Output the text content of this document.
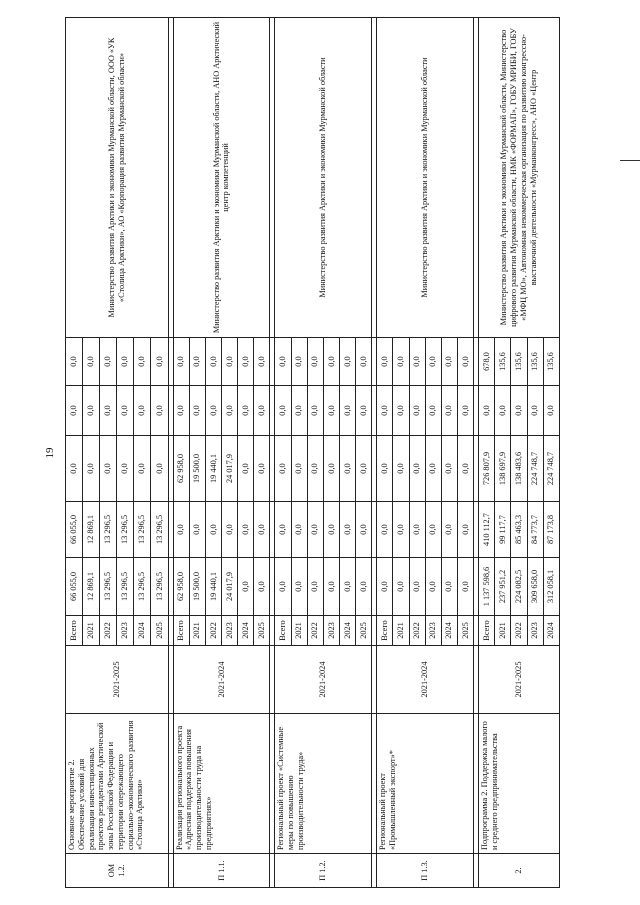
19
ОМ 1.2.	Основное мероприятие 2. Обеспечение условий для реализации инвестиционных проектов резидентами Арктической зоны Российской Федерации и территории опережающего социально-экономического развития «Столица Арктики»	2021-2025	Всего	66 055,0	66 055,0	0,0	0,0	0,0	Министерство развития Арктики и экономики Мурманской области, ООО «УК «Столица Арктики», АО «Корпорация развития Мурманской области»
			2021	12 869,1	12 869,1	0,0	0,0	0,0	
			2022	13 296,5	13 296,5	0,0	0,0	0,0	
			2023	13 296,5	13 296,5	0,0	0,0	0,0	
			2024	13 296,5	13 296,5	0,0	0,0	0,0	
			2025	13 296,5	13 296,5	0,0	0,0	0,0	

П 1.1.	Реализация регионального проекта «Адресная поддержка повышения производительности труда на предприятиях»	2021-2024	Всего	62 958,0	0,0	62 958,0	0,0	0,0	Министерство развития Арктики и экономики Мурманской области, АНО Арктический центр компетенций
			2021	19 500,0	0,0	19 500,0	0,0	0,0	
			2022	19 440,1	0,0	19 440,1	0,0	0,0	
			2023	24 017,9	0,0	24 017,9	0,0	0,0	
			2024	0,0	0,0	0,0	0,0	0,0	
			2025	0,0	0,0	0,0	0,0	0,0	

П 1.2.	Региональный проект «Системные меры по повышению производительности труда»	2021-2024	Всего	0,0	0,0	0,0	0,0	0,0	Министерство развития Арктики и экономики Мурманской области
			2021	0,0	0,0	0,0	0,0	0,0	
			2022	0,0	0,0	0,0	0,0	0,0	
			2023	0,0	0,0	0,0	0,0	0,0	
			2024	0,0	0,0	0,0	0,0	0,0	
			2025	0,0	0,0	0,0	0,0	0,0	

П 1.3.	Региональный проект «Промышленный экспорт»*	2021-2024	Всего	0,0	0,0	0,0	0,0	0,0	Министерство развития Арктики и экономики Мурманской области
			2021	0,0	0,0	0,0	0,0	0,0	
			2022	0,0	0,0	0,0	0,0	0,0	
			2023	0,0	0,0	0,0	0,0	0,0	
			2024	0,0	0,0	0,0	0,0	0,0	
			2025	0,0	0,0	0,0	0,0	0,0	

2.	Подпрограмма 2. Поддержка малого и среднего предпринимательства	2021-2025	Всего	1 137 598,6	410 112,7	726 807,9	0,0	678,0	Министерство развития Арктики и экономики Мурманской области, Министерство цифрового развития Мурманской области, НМК «ФОРМАП», ГОБУ МРИБИ, ГОБУ «МФЦ МО», Автономная некоммерческая организация по развитию конгрессно-выставочной деятельности «Мурманконгресс», АНО «Центр
			2021	237 951,2	99 117,7	138 697,9	0,0	135,6	
			2022	224 082,5	85 463,3	138 483,6	0,0	135,6	
			2023	309 658,0	84 773,7	224 748,7	0,0	135,6	
			2024	312 058,1	87 173,8	224 748,7	0,0	135,6	
